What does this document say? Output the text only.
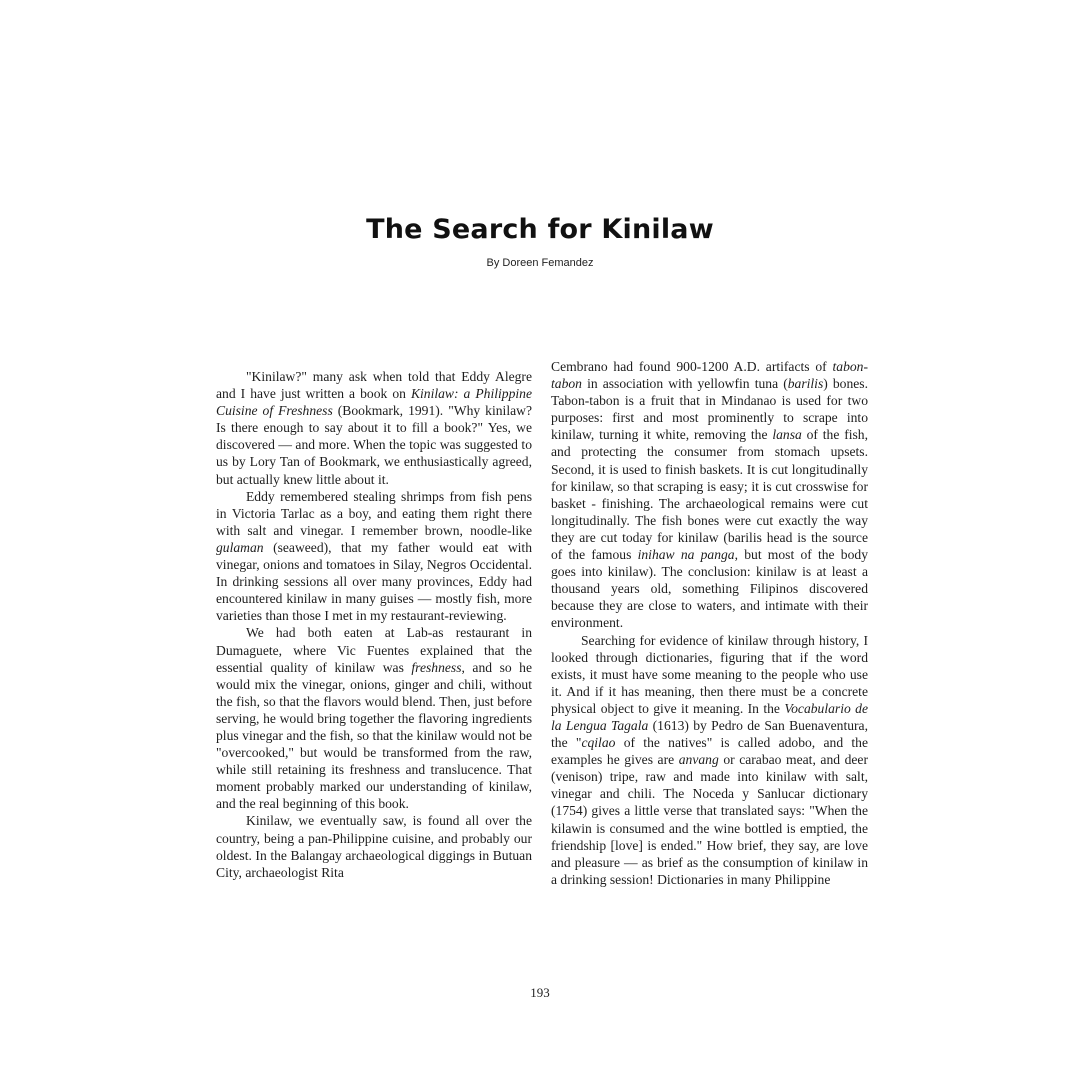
The Search for Kinilaw
By Doreen Femandez

"Kinilaw?" many ask when told that Eddy Alegre and I have just written a book on Kinilaw: a Philippine Cuisine of Freshness (Bookmark, 1991). "Why kinilaw? Is there enough to say about it to fill a book?" Yes, we discovered — and more. When the topic was suggested to us by Lory Tan of Bookmark, we enthusiastically agreed, but actually knew little about it.

Eddy remembered stealing shrimps from fish pens in Victoria Tarlac as a boy, and eating them right there with salt and vinegar. I remember brown, noodle-like gulaman (seaweed), that my father would eat with vinegar, onions and tomatoes in Silay, Negros Occidental. In drinking sessions all over many provinces, Eddy had encountered kinilaw in many guises — mostly fish, more varieties than those I met in my restaurant-reviewing.

We had both eaten at Lab-as restaurant in Dumaguete, where Vic Fuentes explained that the essential quality of kinilaw was freshness, and so he would mix the vinegar, onions, ginger and chili, without the fish, so that the flavors would blend. Then, just before serving, he would bring together the flavoring ingredients plus vinegar and the fish, so that the kinilaw would not be "overcooked," but would be transformed from the raw, while still retaining its freshness and translucence. That moment probably marked our understanding of kinilaw, and the real beginning of this book.

Kinilaw, we eventually saw, is found all over the country, being a pan-Philippine cuisine, and probably our oldest. In the Balangay archaeological diggings in Butuan City, archaeologist Rita

Cembrano had found 900-1200 A.D. artifacts of tabon-tabon in association with yellowfin tuna (barilis) bones. Tabon-tabon is a fruit that in Mindanao is used for two purposes: first and most prominently to scrape into kinilaw, turning it white, removing the lansa of the fish, and protecting the consumer from stomach upsets. Second, it is used to finish baskets. It is cut longitudinally for kinilaw, so that scraping is easy; it is cut crosswise for basket - finishing. The archaeological remains were cut longitudinally. The fish bones were cut exactly the way they are cut today for kinilaw (barilis head is the source of the famous inihaw na panga, but most of the body goes into kinilaw). The conclusion: kinilaw is at least a thousand years old, something Filipinos discovered because they are close to waters, and intimate with their environment.

Searching for evidence of kinilaw through history, I looked through dictionaries, figuring that if the word exists, it must have some meaning to the people who use it. And if it has meaning, then there must be a concrete physical object to give it meaning. In the Vocabulario de la Lengua Tagala (1613) by Pedro de San Buenaventura, the "cqilao of the natives" is called adobo, and the examples he gives are anvang or carabao meat, and deer (venison) tripe, raw and made into kinilaw with salt, vinegar and chili. The Noceda y Sanlucar dictionary (1754) gives a little verse that translated says: "When the kilawin is consumed and the wine bottled is emptied, the friendship [love] is ended." How brief, they say, are love and pleasure — as brief as the consumption of kinilaw in a drinking session! Dictionaries in many Philippine

193
